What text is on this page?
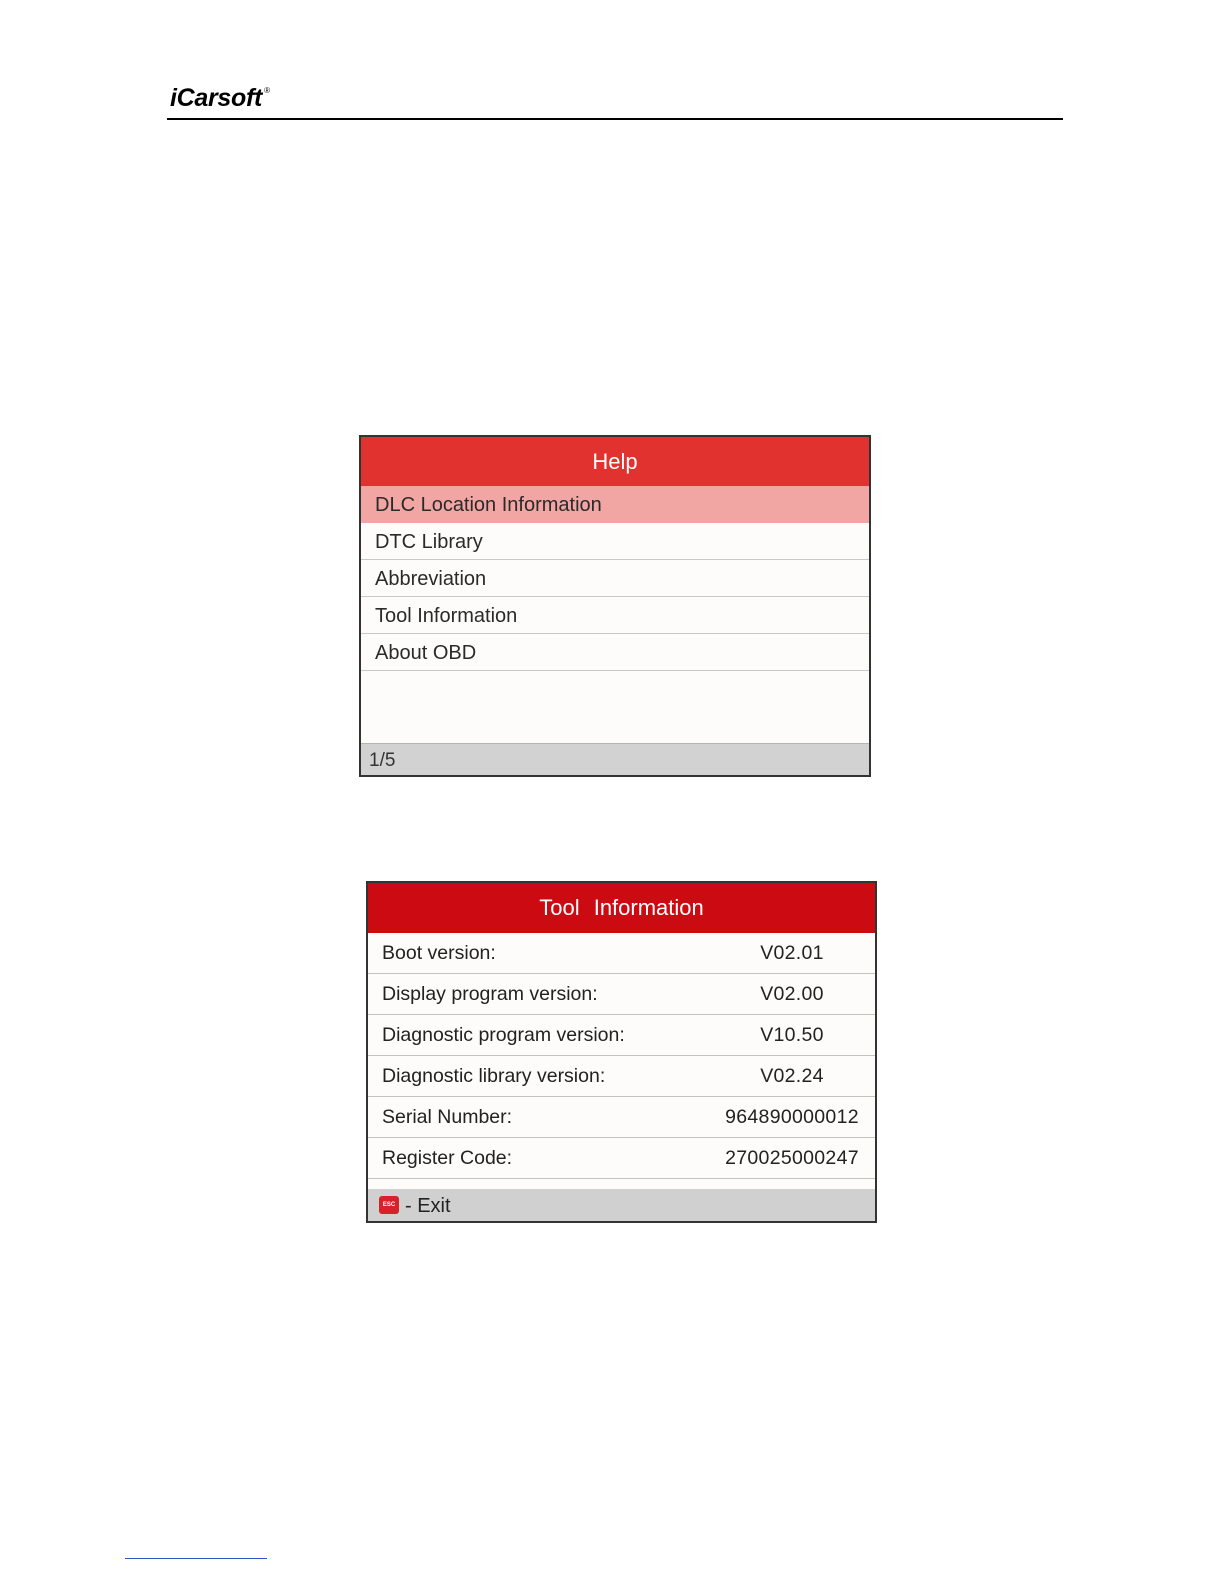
iCarsoft ®
Help
DLC Location Information
DTC Library
Abbreviation
Tool Information
About OBD
1/5
Tool Information
Boot version:	V02.01
Display program version:	V02.00
Diagnostic program version:	V10.50
Diagnostic library version:	V02.24
Serial Number:	964890000012
Register Code:	270025000247
ESC - Exit
